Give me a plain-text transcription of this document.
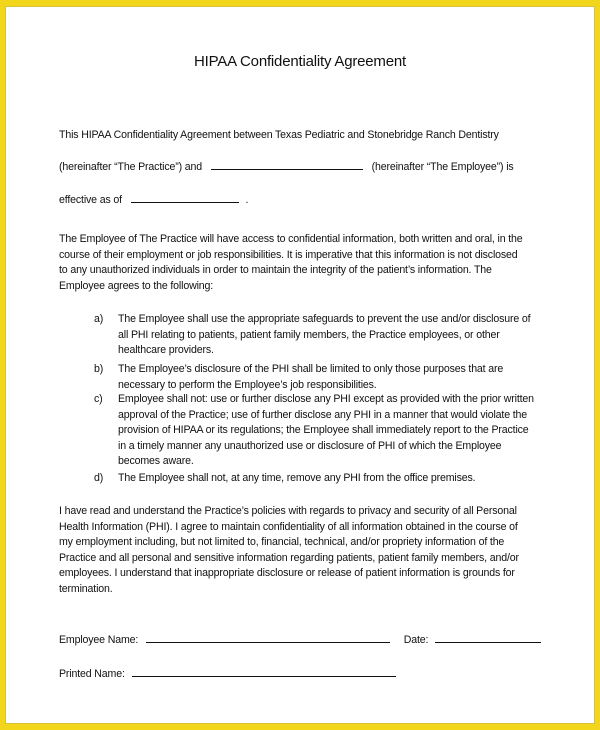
HIPAA Confidentiality Agreement
This HIPAA Confidentiality Agreement between Texas Pediatric and Stonebridge Ranch Dentistry
(hereinafter “The Practice”) and	(hereinafter “The Employee”) is
effective as of	.
The Employee of The Practice will have access to confidential information, both written and oral, in the
course of their employment or job responsibilities. It is imperative that this information is not disclosed
to any unauthorized individuals in order to maintain the integrity of the patient’s information. The
Employee agrees to the following:
a) The Employee shall use the appropriate safeguards to prevent the use and/or disclosure of
all PHI relating to patients, patient family members, the Practice employees, or other
healthcare providers.
b) The Employee’s disclosure of the PHI shall be limited to only those purposes that are
necessary to perform the Employee’s job responsibilities.
c) Employee shall not: use or further disclose any PHI except as provided with the prior written
approval of the Practice; use of further disclose any PHI in a manner that would violate the
provision of HIPAA or its regulations; the Employee shall immediately report to the Practice
in a timely manner any unauthorized use or disclosure of PHI of which the Employee
becomes aware.
d) The Employee shall not, at any time, remove any PHI from the office premises.
I have read and understand the Practice’s policies with regards to privacy and security of all Personal
Health Information (PHI). I agree to maintain confidentiality of all information obtained in the course of
my employment including, but not limited to, financial, technical, and/or propriety information of the
Practice and all personal and sensitive information regarding patients, patient family members, and/or
employees. I understand that inappropriate disclosure or release of patient information is grounds for
termination.
Employee Name:	Date:
Printed Name:
